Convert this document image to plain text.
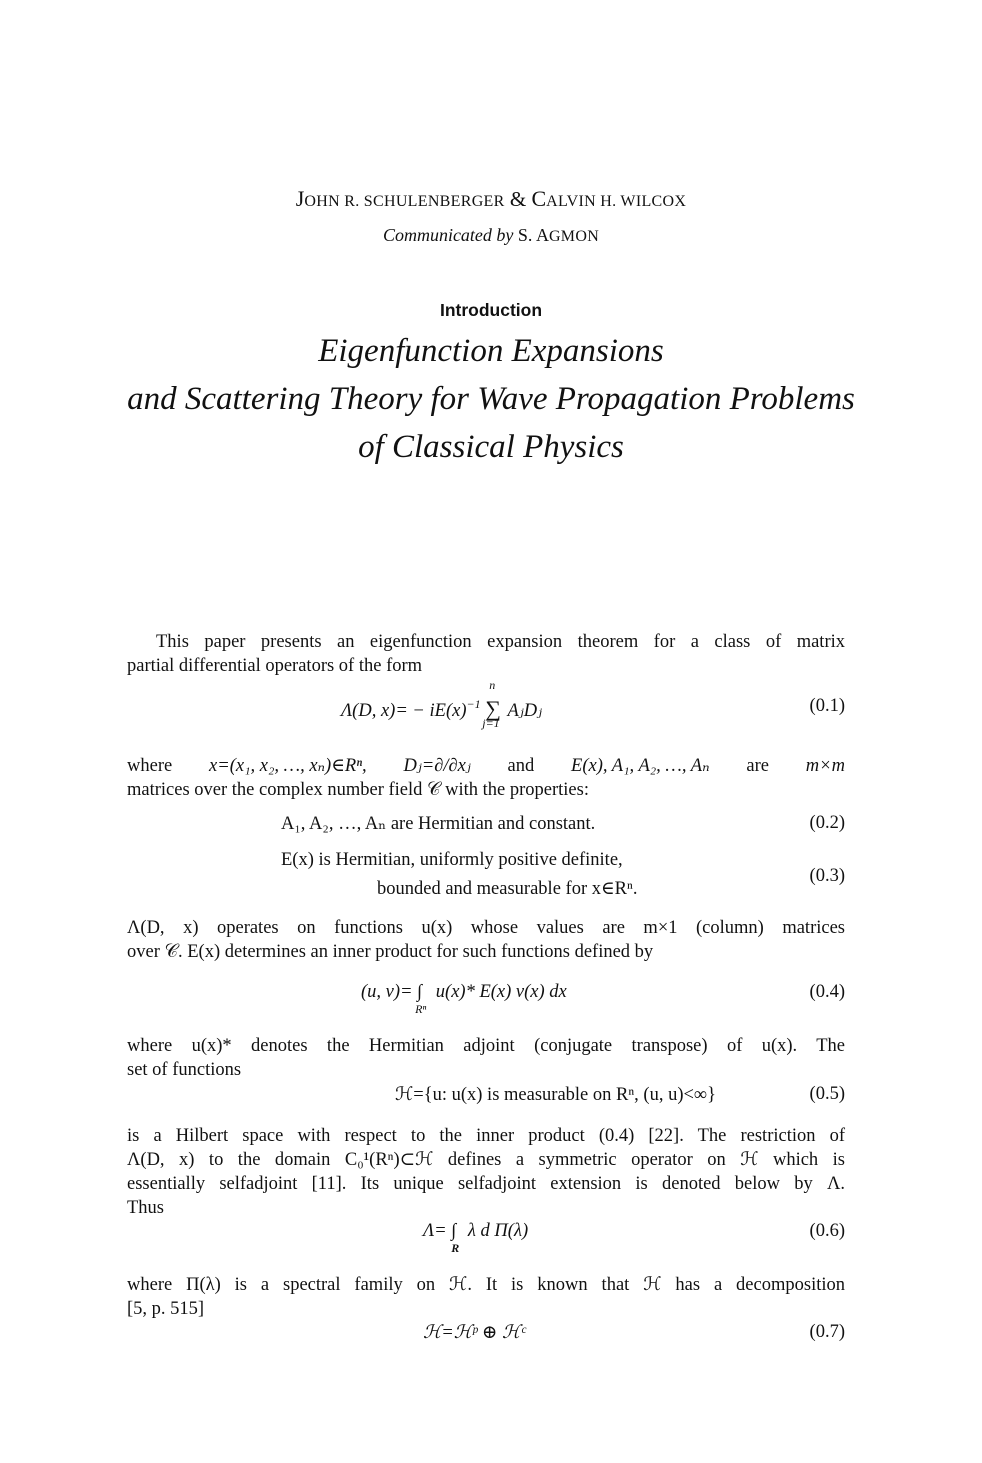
Eigenfunction Expansions
and Scattering Theory for Wave Propagation Problems
of Classical Physics
JOHN R. SCHULENBERGER & CALVIN H. WILCOX
Communicated by S. AGMON
Introduction
This paper presents an eigenfunction expansion theorem for a class of matrix
partial differential operators of the form
Λ(D, $x)= - iE(x)^{-1}$ ∑
n
j=1
AⱼDⱼ	(0.1)
where x=(x₁, x₂, …, xₙ)∈Rⁿ, Dⱼ=∂/∂xⱼ and E(x), A₁, A₂, …, Aₙ are m×m
matrices over the complex number field 𝒞 with the properties:
A₁, A₂, …, Aₙ are Hermitian and constant.	(0.2)
E(x) is Hermitian, uniformly positive definite,
bounded and measurable for x∈Rⁿ.
(0.3)
Λ(D, x) operates on functions u(x) whose values are m×1 (column) matrices
over 𝒞. E(x) determines an inner product for such functions defined by
(u, v)= ∫
Rⁿ
u(x)* E(x) v(x) dx	(0.4)
where u(x)* denotes the Hermitian adjoint (conjugate transpose) of u(x). The
set of functions
ℋ={u: u(x) is measurable on Rⁿ, (u, u)<∞}	(0.5)
is a Hilbert space with respect to the inner product (0.4) [22]. The restriction of
Λ(D, x) to the domain C₀¹(Rⁿ)⊂ℋ defines a symmetric operator on ℋ which is
essentially selfadjoint [11]. Its unique selfadjoint extension is denoted below by Λ.
Thus
Λ= ∫
R
λ d Π(λ)	(0.6)
where Π(λ) is a spectral family on ℋ. It is known that ℋ has a decomposition
[5, p. 515]
ℋ=ℋᵖ ⊕ ℋᶜ	(0.7)
